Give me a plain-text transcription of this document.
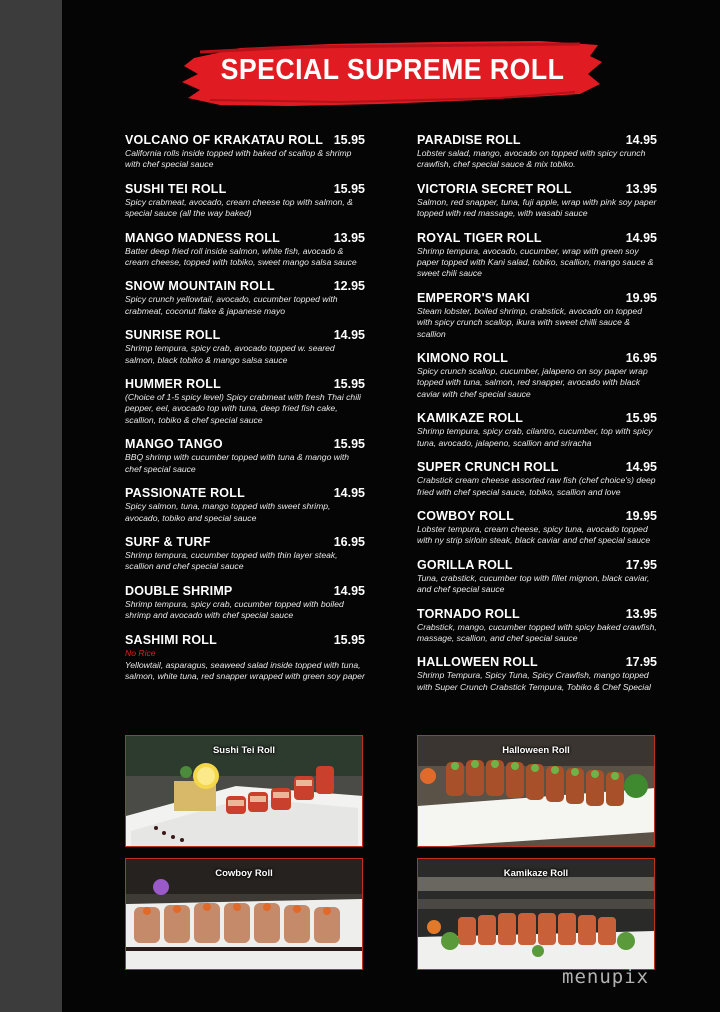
SPECIAL SUPREME ROLL
VOLCANO OF KRAKATAU ROLL 15.95
California rolls inside topped with baked of scallop & shrimp with chef special sauce
SUSHI TEI ROLL	15.95
Spicy crabmeat, avocado, cream cheese top with salmon, & special sauce (all the way baked)
MANGO MADNESS ROLL	13.95
Batter deep fried roll inside salmon, white fish, avocado & cream cheese, topped with tobiko, sweet mango salsa sauce
SNOW MOUNTAIN ROLL	12.95
Spicy crunch yellowtail, avocado, cucumber topped with crabmeat, coconut flake & japanese mayo
SUNRISE ROLL	14.95
Shrimp tempura, spicy crab, avocado topped w. seared salmon, black tobiko & mango salsa sauce
HUMMER ROLL	15.95
(Choice of 1-5 spicy level) Spicy crabmeat with fresh Thai chili pepper, eel, avocado top with tuna, deep fried fish cake, scallion, tobiko & chef special sauce
MANGO TANGO	15.95
BBQ shrimp with cucumber topped with tuna & mango with chef special sauce
PASSIONATE ROLL	14.95
Spicy salmon, tuna, mango topped with sweet shrimp, avocado, tobiko and special sauce
SURF & TURF	16.95
Shrimp tempura, cucumber topped with thin layer steak, scallion and chef special sauce
DOUBLE SHRIMP	14.95
Shrimp tempura, spicy crab, cucumber topped with boiled shrimp and avocado with chef special sauce
SASHIMI ROLL	15.95
No Rice
Yellowtail, asparagus, seaweed salad inside topped with tuna, salmon, white tuna, red snapper wrapped with green soy paper
PARADISE ROLL	14.95
Lobster salad, mango, avocado on topped with spicy crunch crawfish, chef special sauce & mix tobiko.
VICTORIA SECRET ROLL	13.95
Salmon, red snapper, tuna, fuji apple, wrap with pink soy paper topped with red massage, with wasabi sauce
ROYAL TIGER ROLL	14.95
Shrimp tempura, avocado, cucumber, wrap with green soy paper topped with Kani salad, tobiko, scallion, mango sauce & sweet chili sauce
EMPEROR'S MAKI	19.95
Steam lobster, boiled shrimp, crabstick, avocado on topped with spicy crunch scallop, ikura with sweet chilli sauce & scallion
KIMONO ROLL	16.95
Spicy crunch scallop, cucumber, jalapeno on soy paper wrap topped with tuna, salmon, red snapper, avocado with black caviar with chef special sauce
KAMIKAZE ROLL	15.95
Shrimp tempura, spicy crab, cilantro, cucumber, top with spicy tuna, avocado, jalapeno, scallion and sriracha
SUPER CRUNCH ROLL	14.95
Crabstick cream cheese assorted raw fish (chef choice's) deep fried with chef special sauce, tobiko, scallion and love
COWBOY ROLL	19.95
Lobster tempura, cream cheese, spicy tuna, avocado topped with ny strip sirloin steak, black caviar and chef special sauce
GORILLA ROLL	17.95
Tuna, crabstick, cucumber top with fillet mignon, black caviar, and chef special sauce
TORNADO ROLL	13.95
Crabstick, mango, cucumber topped with spicy baked crawfish, massage, scallion, and chef special sauce
HALLOWEEN ROLL	17.95
Shrimp Tempura, Spicy Tuna, Spicy Crawfish, mango topped with Super Crunch Crabstick Tempura, Tobiko & Chef Special
Sushi Tei Roll	Halloween Roll
Cowboy Roll	Kamikaze Roll
menupix
